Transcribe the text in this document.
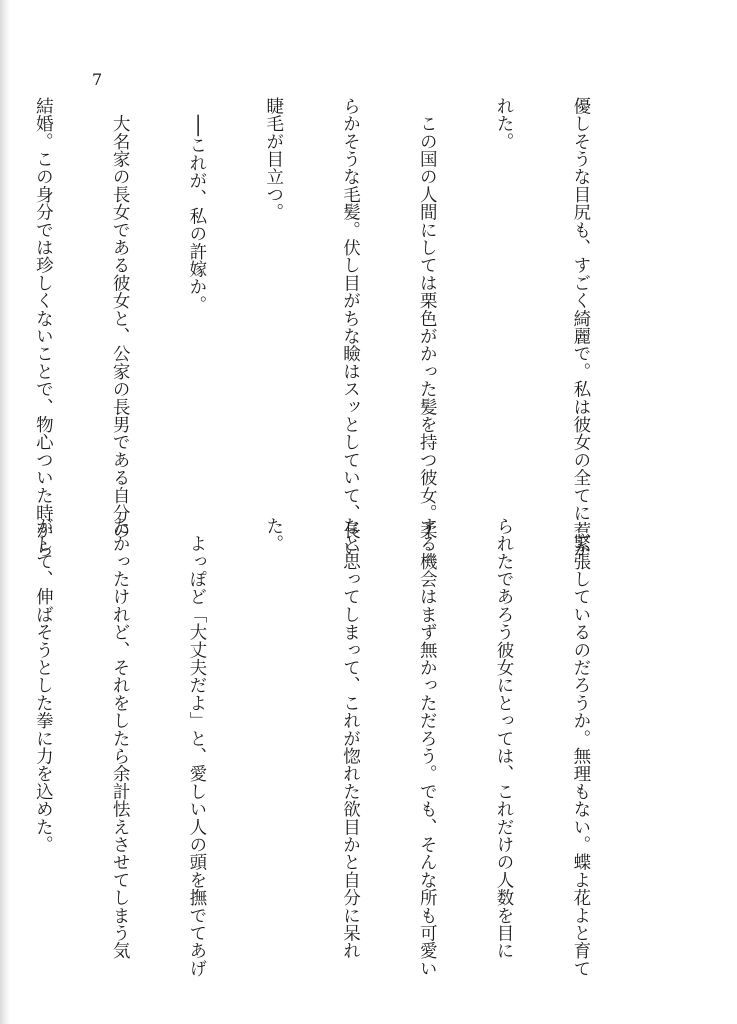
7

優しそうな目尻も、すごく綺麗で。私は彼女の全てに惹か

れた。

　この国の人間にしては栗色がかった髪を持つ彼女。柔

らかそうな毛髪。伏し目がちな瞼はスッとしていて、長い

睫毛が目立つ。

　──これが、私の許嫁か。

　大名家の長女である彼女と、公家の長男である自分の

結婚。この身分では珍しくないことで、物心ついた時から

　緊張しているのだろうか。無理もない。蝶よ花よと育て

られたであろう彼女にとっては、これだけの人数を目に

する機会はまず無かっただろう。でも、そんな所も可愛い

なと思ってしまって、これが惚れた欲目かと自分に呆れ

た。

　よっぽど「大丈夫だよ」と、愛しい人の頭を撫でてあげ

たかったけれど、それをしたら余計怯えさせてしまう気

がして、伸ばそうとした拳に力を込めた。
